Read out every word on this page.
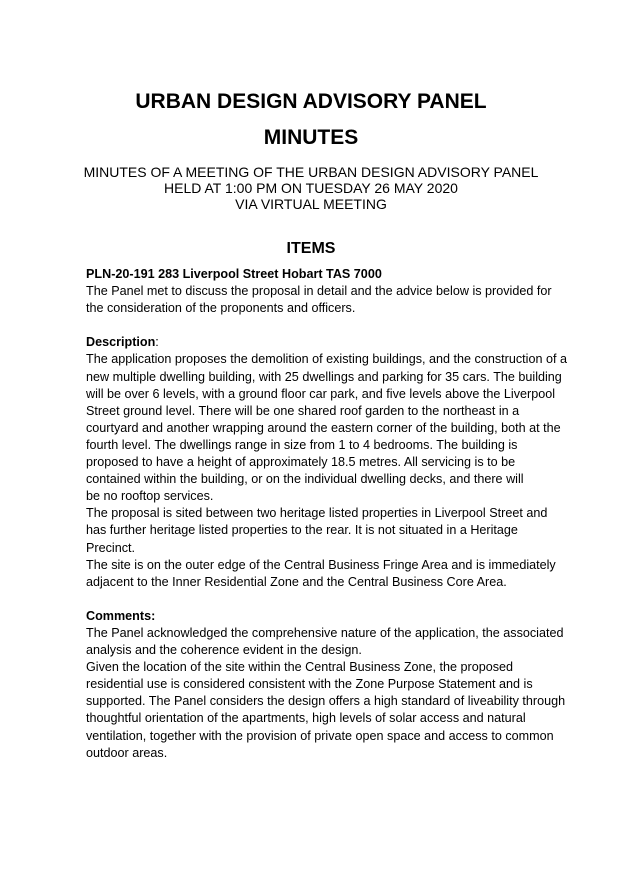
URBAN DESIGN ADVISORY PANEL
MINUTES
MINUTES OF A MEETING OF THE URBAN DESIGN ADVISORY PANEL
HELD AT 1:00 PM ON TUESDAY 26 MAY 2020
VIA VIRTUAL MEETING
ITEMS
PLN-20-191 283 Liverpool Street Hobart TAS 7000
The Panel met to discuss the proposal in detail and the advice below is provided for
the consideration of the proponents and officers.
Description:
The application proposes the demolition of existing buildings, and the construction of a
new multiple dwelling building, with 25 dwellings and parking for 35 cars. The building
will be over 6 levels, with a ground floor car park, and five levels above the Liverpool
Street ground level. There will be one shared roof garden to the northeast in a
courtyard and another wrapping around the eastern corner of the building, both at the
fourth level. The dwellings range in size from 1 to 4 bedrooms. The building is
proposed to have a height of approximately 18.5 metres. All servicing is to be
contained within the building, or on the individual dwelling decks, and there will
be no rooftop services.
The proposal is sited between two heritage listed properties in Liverpool Street and
has further heritage listed properties to the rear. It is not situated in a Heritage
Precinct.
The site is on the outer edge of the Central Business Fringe Area and is immediately
adjacent to the Inner Residential Zone and the Central Business Core Area.
Comments:
The Panel acknowledged the comprehensive nature of the application, the associated
analysis and the coherence evident in the design.
Given the location of the site within the Central Business Zone, the proposed
residential use is considered consistent with the Zone Purpose Statement and is
supported. The Panel considers the design offers a high standard of liveability through
thoughtful orientation of the apartments, high levels of solar access and natural
ventilation, together with the provision of private open space and access to common
outdoor areas.
